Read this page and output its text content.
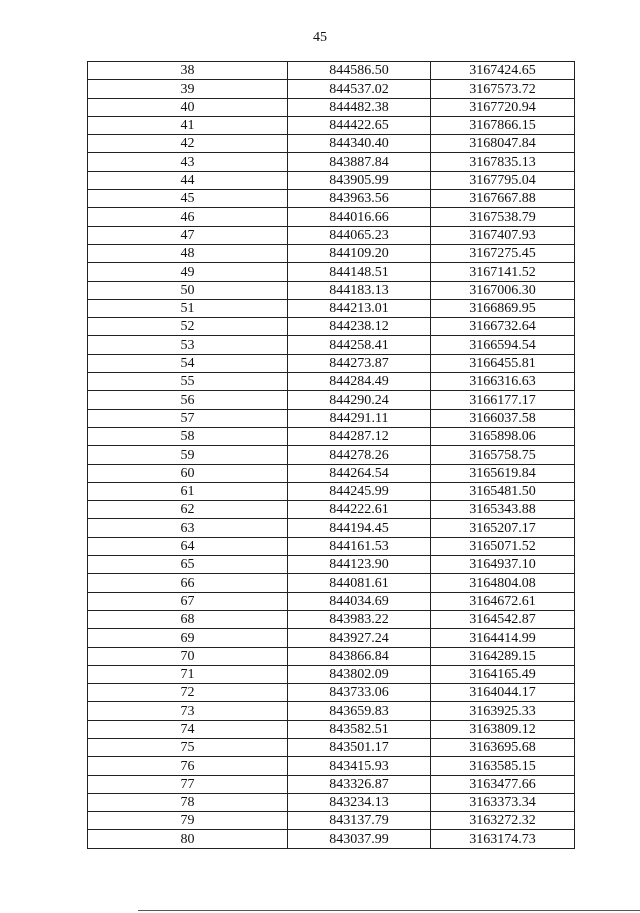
45
38	844586.50	3167424.65
39	844537.02	3167573.72
40	844482.38	3167720.94
41	844422.65	3167866.15
42	844340.40	3168047.84
43	843887.84	3167835.13
44	843905.99	3167795.04
45	843963.56	3167667.88
46	844016.66	3167538.79
47	844065.23	3167407.93
48	844109.20	3167275.45
49	844148.51	3167141.52
50	844183.13	3167006.30
51	844213.01	3166869.95
52	844238.12	3166732.64
53	844258.41	3166594.54
54	844273.87	3166455.81
55	844284.49	3166316.63
56	844290.24	3166177.17
57	844291.11	3166037.58
58	844287.12	3165898.06
59	844278.26	3165758.75
60	844264.54	3165619.84
61	844245.99	3165481.50
62	844222.61	3165343.88
63	844194.45	3165207.17
64	844161.53	3165071.52
65	844123.90	3164937.10
66	844081.61	3164804.08
67	844034.69	3164672.61
68	843983.22	3164542.87
69	843927.24	3164414.99
70	843866.84	3164289.15
71	843802.09	3164165.49
72	843733.06	3164044.17
73	843659.83	3163925.33
74	843582.51	3163809.12
75	843501.17	3163695.68
76	843415.93	3163585.15
77	843326.87	3163477.66
78	843234.13	3163373.34
79	843137.79	3163272.32
80	843037.99	3163174.73
